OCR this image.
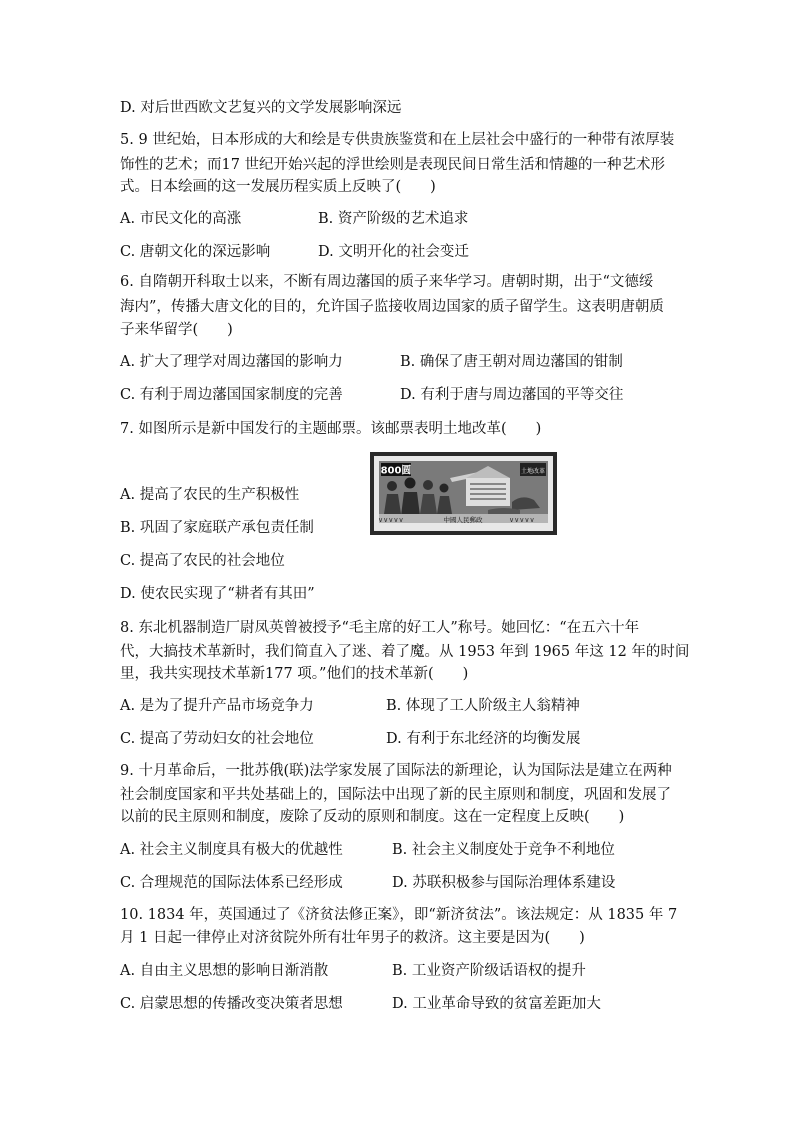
D. 对后世西欧文艺复兴的文学发展影响深远
5. 9 世纪始，日本形成的大和绘是专供贵族鉴赏和在上层社会中盛行的一种带有浓厚装
饰性的艺术；而17 世纪开始兴起的浮世绘则是表现民间日常生活和情趣的一种艺术形
式。日本绘画的这一发展历程实质上反映了(　　)
A. 市民文化的高涨	B. 资产阶级的艺术追求
C. 唐朝文化的深远影响	D. 文明开化的社会变迁
6. 自隋朝开科取士以来，不断有周边藩国的质子来华学习。唐朝时期，出于“文德绥
海内”，传播大唐文化的目的，允许国子监接收周边国家的质子留学生。这表明唐朝质
子来华留学(　　)
A. 扩大了理学对周边藩国的影响力	B. 确保了唐王朝对周边藩国的钳制
C. 有利于周边藩国国家制度的完善	D. 有利于唐与周边藩国的平等交往
7. 如图所示是新中国发行的主题邮票。该邮票表明土地改革(　　)
800圆	土地改革
∨∨∨∨∨	∨∨∨∨∨
中國人民郵政
A. 提高了农民的生产积极性
B. 巩固了家庭联产承包责任制
C. 提高了农民的社会地位
D. 使农民实现了“耕者有其田”
8. 东北机器制造厂尉凤英曾被授予“毛主席的好工人”称号。她回忆：“在五六十年
代，大搞技术革新时，我们简直入了迷、着了魔。从 1953 年到 1965 年这 12 年的时间
里，我共实现技术革新177 项。”他们的技术革新(　　)
A. 是为了提升产品市场竞争力	B. 体现了工人阶级主人翁精神
C. 提高了劳动妇女的社会地位	D. 有利于东北经济的均衡发展
9. 十月革命后，一批苏俄(联)法学家发展了国际法的新理论，认为国际法是建立在两种
社会制度国家和平共处基础上的，国际法中出现了新的民主原则和制度，巩固和发展了
以前的民主原则和制度，废除了反动的原则和制度。这在一定程度上反映(　　)
A. 社会主义制度具有极大的优越性	B. 社会主义制度处于竞争不利地位
C. 合理规范的国际法体系已经形成	D. 苏联积极参与国际治理体系建设
10. 1834 年，英国通过了《济贫法修正案》，即“新济贫法”。该法规定：从 1835 年 7
月 1 日起一律停止对济贫院外所有壮年男子的救济。这主要是因为(　　)
A. 自由主义思想的影响日渐消散	B. 工业资产阶级话语权的提升
C. 启蒙思想的传播改变决策者思想	D. 工业革命导致的贫富差距加大
